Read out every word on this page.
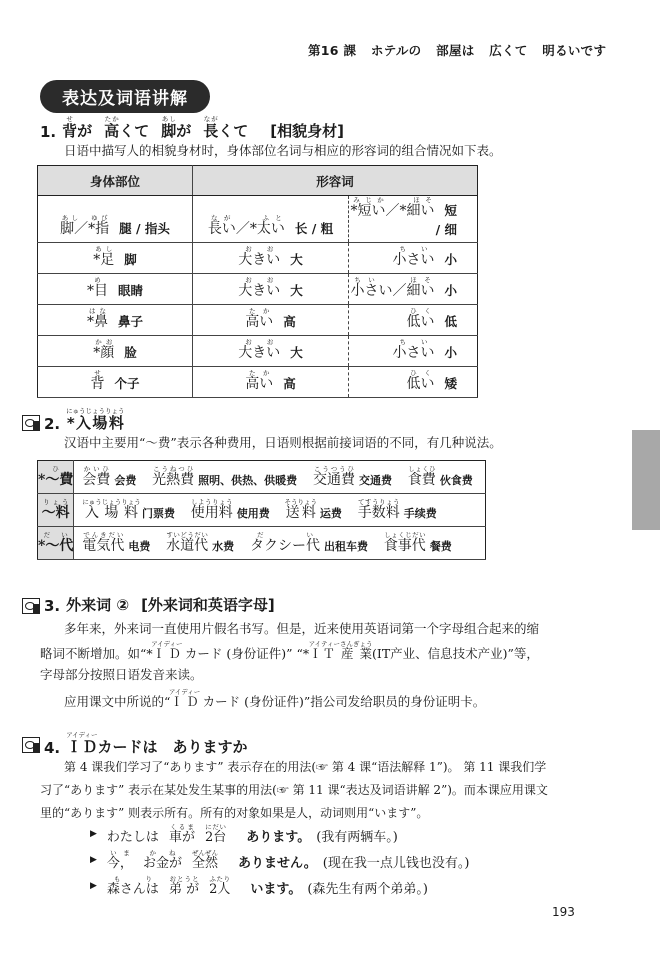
第16 課 ホテルの 部屋は 広くて 明るいです
表达及词语讲解
1. 背せ
が 高たか
くて 脚あし
が 長なが
くて [相貌身材]
日语中描写人的相貌身材时，身体部位名词与相应的形容词的组合情况如下表。
身体部位	形容词	
脚／*指あし　ゆび腿 / 指头	長い／*太いなが　　ふと长 / 粗	*短い／*細いみじか　　ほそ短 / 细
*足あし脚	大きいおお大	小さいちい小
*目め眼睛	大きいおお大	小さい／細いちい　　ほそ小
*鼻はな鼻子	高いたか高	低いひく低
*顔かお脸	大きいおお大	小さいちい小
背せ个子	高いたか高	低いひく矮
2. *入場料にゅうじょうりょう
汉语中主要用“～费”表示各种费用，日语则根据前接词语的不同，有几种说法。
*～費ひ	会費かいひ会费 光熱費こうねつひ照明、供热、供暖费 交通費こうつうひ交通费 食費しょくひ伙食费
～料りょう	入場料にゅうじょうりょう门票费 使用料しようりょう使用费 送料そうりょう运费 手数料てすうりょう手续费
*～代だい	電気代でんきだい电费 水道代すいどうだい水费 タクシー代だい出租车费 食事代しょくじだい餐费
3. 外来词 ② [外来词和英语字母]
多年来，外来词一直使用片假名书写。但是，近来使用英语词第一个字母组合起来的缩
略词不断增加。如“*ＩＤアイディー カード (身份证件)” “*ＩＴ 産 業アイティーさんぎょう(IT产业、信息技术产业)”等，
字母部分按照日语发音来读。
应用课文中所说的“ＩＤアイディー カード (身份证件)”指公司发给职员的身份证明卡。
4. ＩＤアイディー
カードは　ありますか
第 4 课我们学习了“あります” 表示存在的用法(☞ 第 4 课“语法解释 1”)。 第 11 课我们学
习了“あります” 表示在某处发生某事的用法(☞ 第 11 课“表达及词语讲解 2”)。而本课应用课文
里的“あります” 则表示所有。所有的对象如果是人，动词则用“います”。
▶ わたしは 車がくるま
2台にだい
あります。 (我有两辆车。)
▶ 今，いま
お金がかね
全然ぜんぜん
ありません。 (现在我一点儿钱也没有。)
▶ 森さんはもり
弟 がおとうと
2人ふたり
います。 (森先生有两个弟弟。)
193
